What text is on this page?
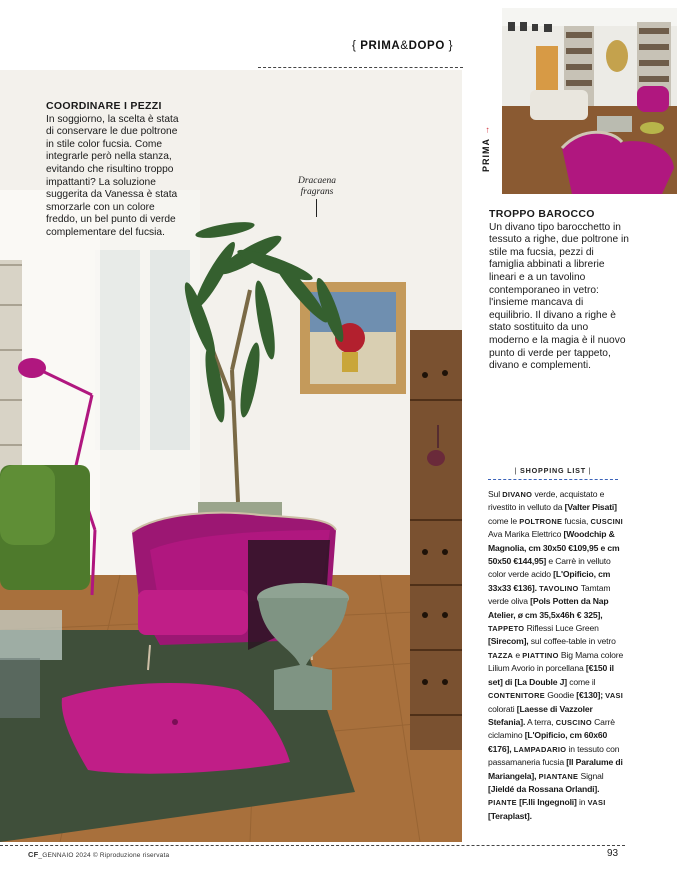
{ PRIMA&DOPO }
COORDINARE I PEZZI

In soggiorno, la scelta è stata di conservare le due poltrone in stile color fucsia. Come integrarle però nella stanza, evitando che risultino troppo impattanti? La soluzione suggerita da Vanessa è stata smorzarle con un colore freddo, un bel punto di verde complementare del fucsia.

Dracaena
fragrans
PRIMA →
TROPPO BAROCCO

Un divano tipo barocchetto in tessuto a righe, due poltrone in stile ma fucsia, pezzi di famiglia abbinati a librerie lineari e a un tavolino contemporaneo in vetro: l'insieme mancava di equilibrio. Il divano a righe è stato sostituito da uno moderno e la magia è il nuovo punto di verde per tappeto, divano e complementi.

| SHOPPING LIST |
Sul DIVANO verde, acquistato e rivestito in velluto da [Valter Pisati] come le POLTRONE fucsia, CUSCINI Ava Marika Elettrico [Woodchip & Magnolia, cm 30x50 €109,95 e cm 50x50 €144,95] e Carrè in velluto color verde acido [L'Opificio, cm 33x33 €136]. TAVOLINO Tamtam verde oliva [Pols Potten da Nap Atelier, ø cm 35,5x46h € 325], TAPPETO Riflessi Luce Green [Sirecom], sul coffee-table in vetro TAZZA e PIATTINO Big Mama colore Lilium Avorio in porcellana [€150 il set] di [La Double J] come il CONTENITORE Goodie [€130]; VASI colorati [Laesse di Vazzoler Stefania]. A terra, CUSCINO Carrè ciclamino [L'Opificio, cm 60x60 €176], LAMPADARIO in tessuto con passamaneria fucsia [Il Paralume di Mariangela], PIANTANE Signal [Jieldé da Rossana Orlandi]. PIANTE [F.lli Ingegnoli] in VASI [Teraplast].
CF_GENNAIO 2024 © Riproduzione riservata	93
